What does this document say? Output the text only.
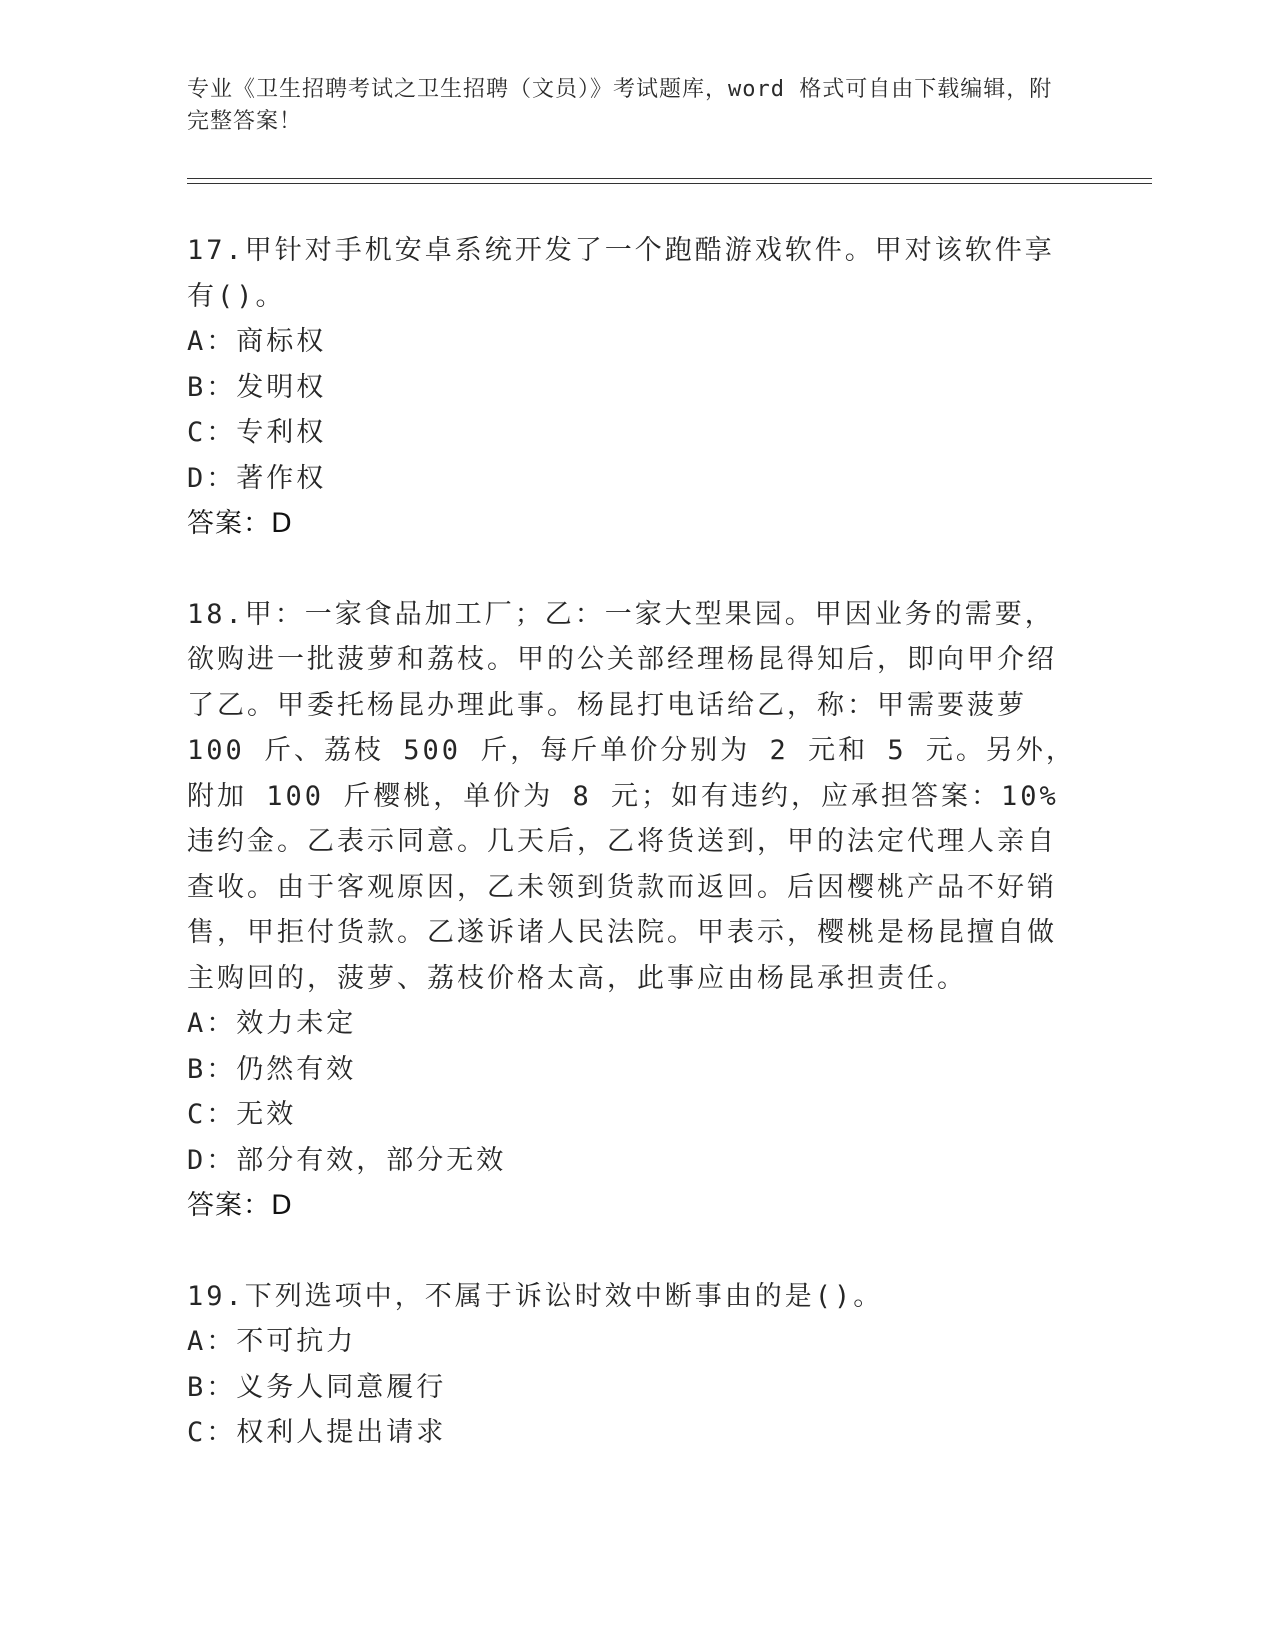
专业《卫生招聘考试之卫生招聘（文员）》考试题库，word 格式可自由下载编辑，附完整答案！

17.甲针对手机安卓系统开发了一个跑酷游戏软件。甲对该软件享有()。

A：商标权
B：发明权
C：专利权
D：著作权
答案：D

18.甲：一家食品加工厂；乙：一家大型果园。甲因业务的需要，欲购进一批菠萝和荔枝。甲的公关部经理杨昆得知后，即向甲介绍了乙。甲委托杨昆办理此事。杨昆打电话给乙，称：甲需要菠萝 100 斤、荔枝 500 斤，每斤单价分别为 2 元和 5 元。另外，附加 100 斤樱桃，单价为 8 元；如有违约，应承担答案：10%违约金。乙表示同意。几天后，乙将货送到，甲的法定代理人亲自查收。由于客观原因，乙未领到货款而返回。后因樱桃产品不好销售，甲拒付货款。乙遂诉诸人民法院。甲表示，樱桃是杨昆擅自做主购回的，菠萝、荔枝价格太高，此事应由杨昆承担责任。

A：效力未定
B：仍然有效
C：无效
D：部分有效，部分无效
答案：D

19.下列选项中，不属于诉讼时效中断事由的是()。

A：不可抗力
B：义务人同意履行
C：权利人提出请求
